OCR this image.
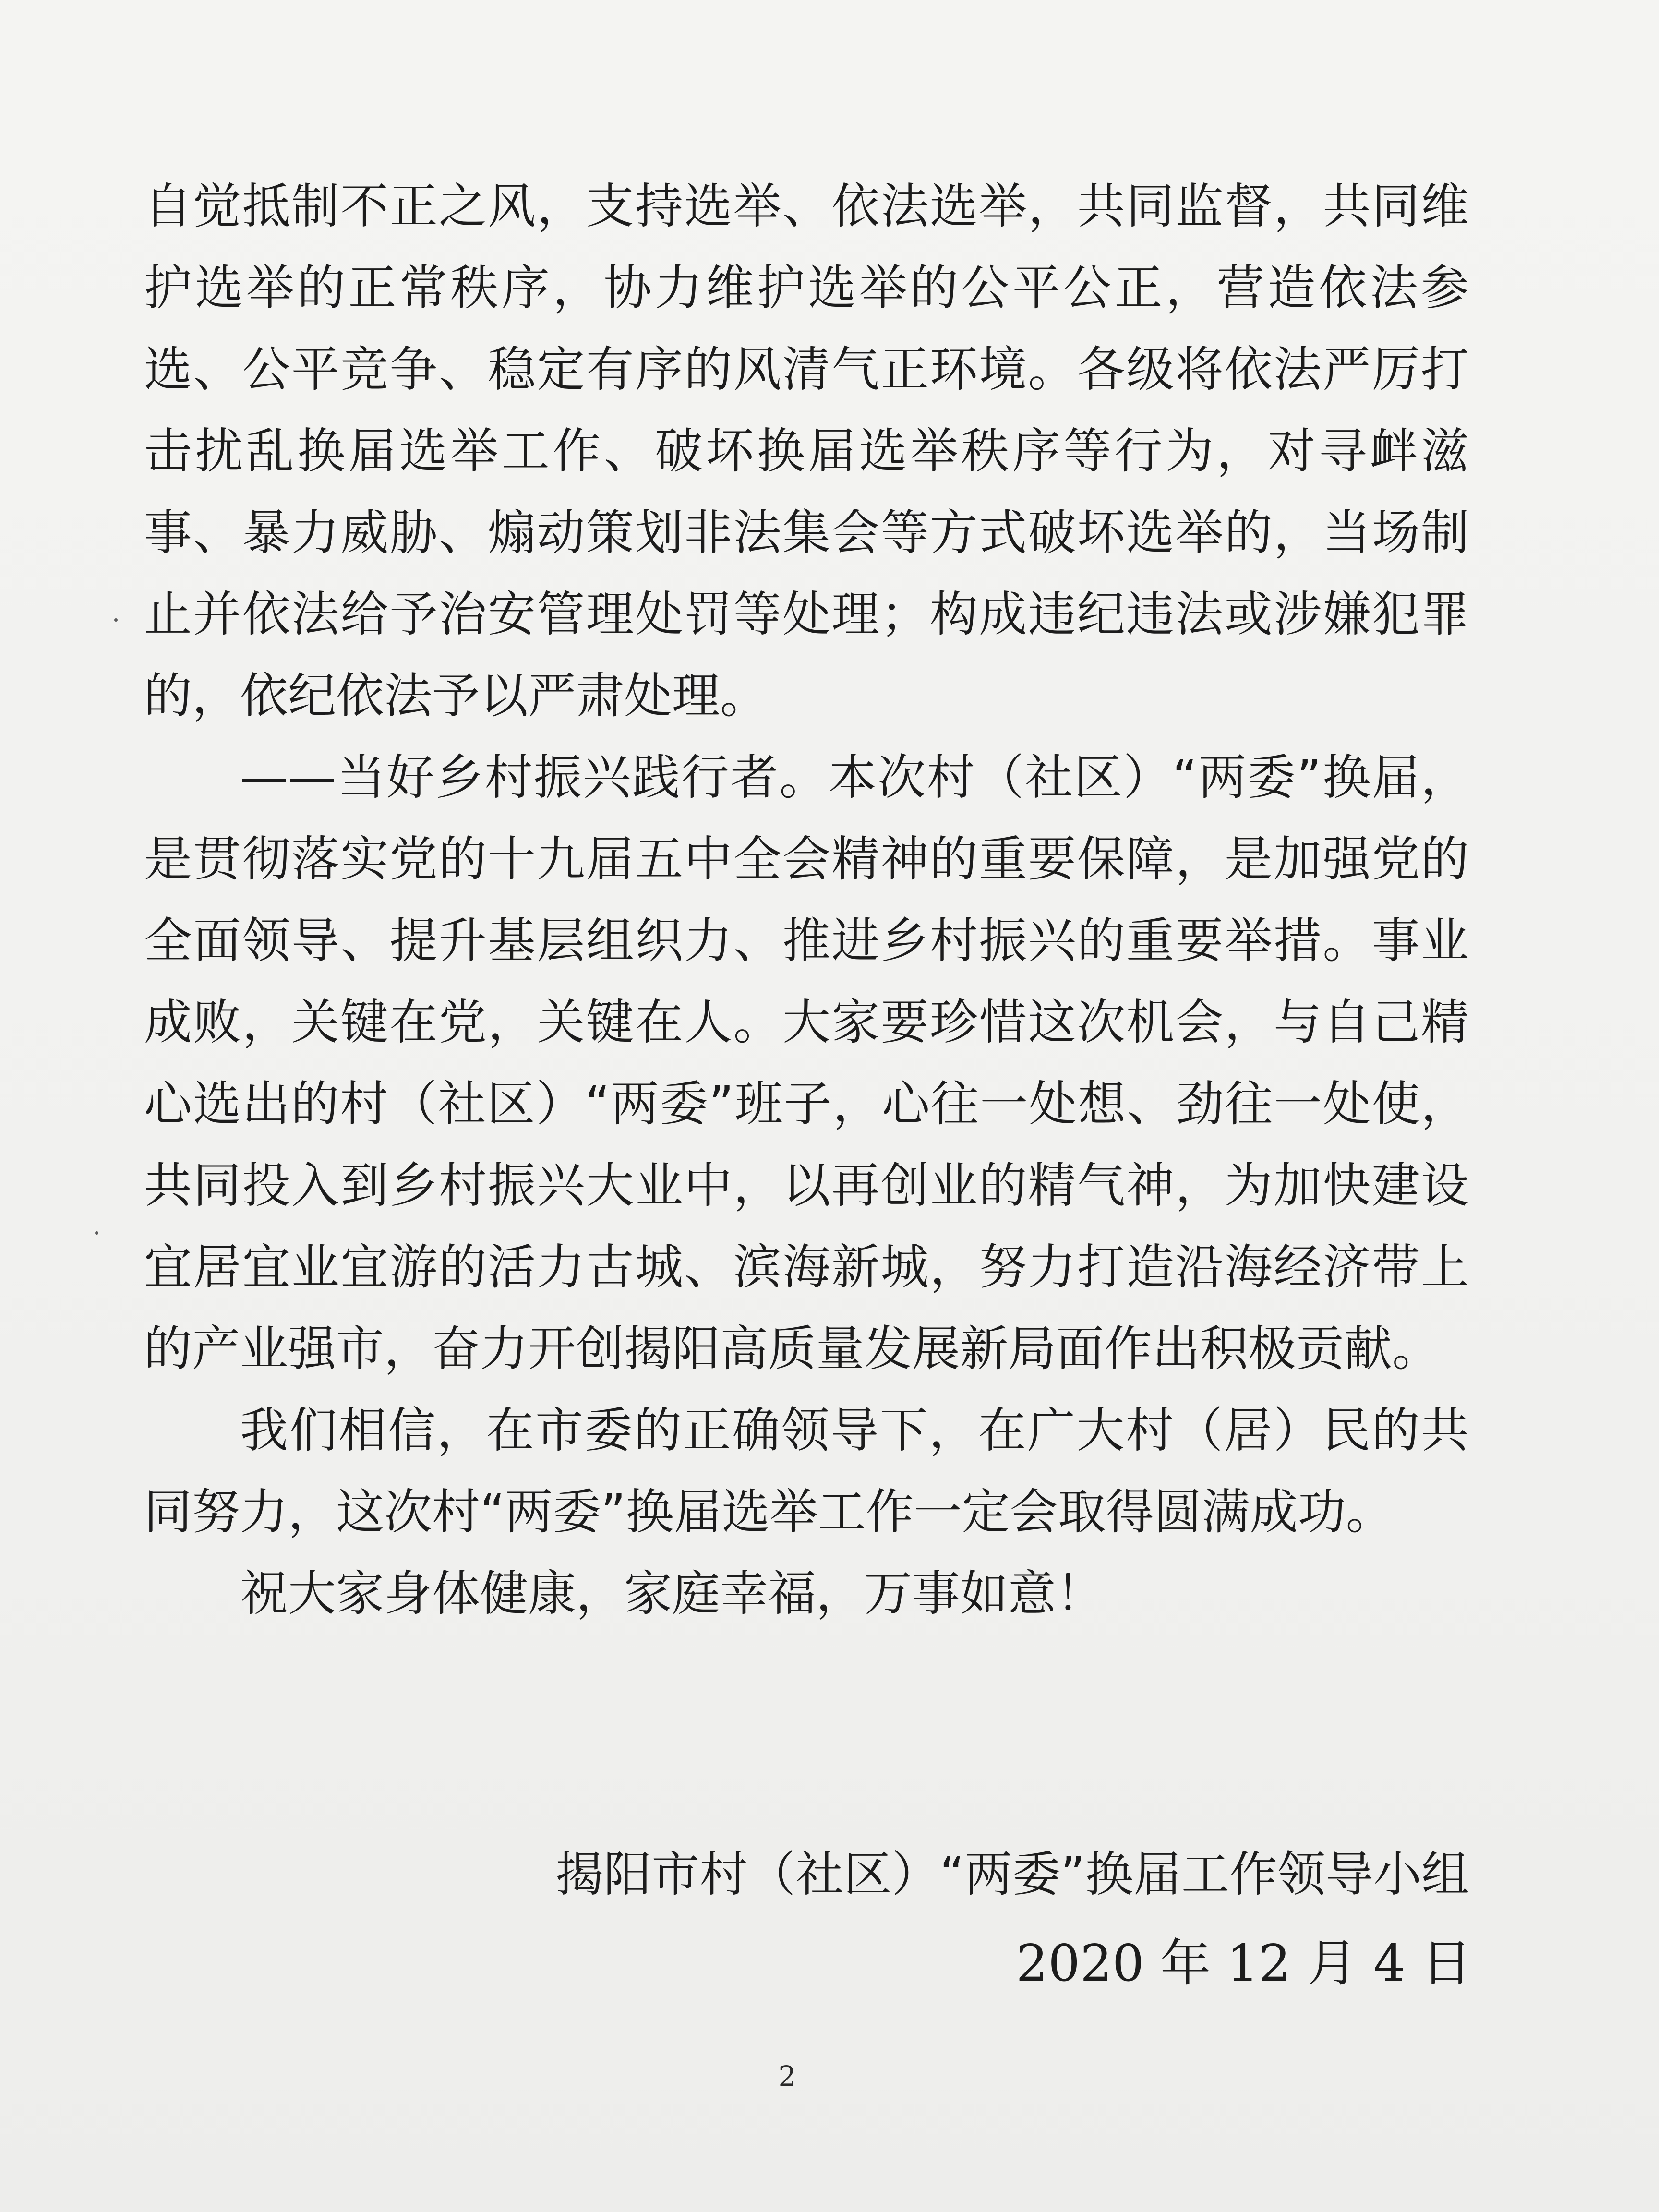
自觉抵制不正之风，支持选举、依法选举，共同监督，共同维护选举的正常秩序，协力维护选举的公平公正，营造依法参选、公平竞争、稳定有序的风清气正环境。各级将依法严厉打击扰乱换届选举工作、破坏换届选举秩序等行为，对寻衅滋事、暴力威胁、煽动策划非法集会等方式破坏选举的，当场制止并依法给予治安管理处罚等处理；构成违纪违法或涉嫌犯罪的，依纪依法予以严肃处理。

——当好乡村振兴践行者。本次村（社区）“两委”换届，是贯彻落实党的十九届五中全会精神的重要保障，是加强党的全面领导、提升基层组织力、推进乡村振兴的重要举措。事业成败，关键在党，关键在人。大家要珍惜这次机会，与自己精心选出的村（社区）“两委”班子，心往一处想、劲往一处使，共同投入到乡村振兴大业中，以再创业的精气神，为加快建设宜居宜业宜游的活力古城、滨海新城，努力打造沿海经济带上的产业强市，奋力开创揭阳高质量发展新局面作出积极贡献。

我们相信，在市委的正确领导下，在广大村（居）民的共同努力，这次村“两委”换届选举工作一定会取得圆满成功。

祝大家身体健康，家庭幸福，万事如意！

揭阳市村（社区）“两委”换届工作领导小组
2020 年 12 月 4 日
2
